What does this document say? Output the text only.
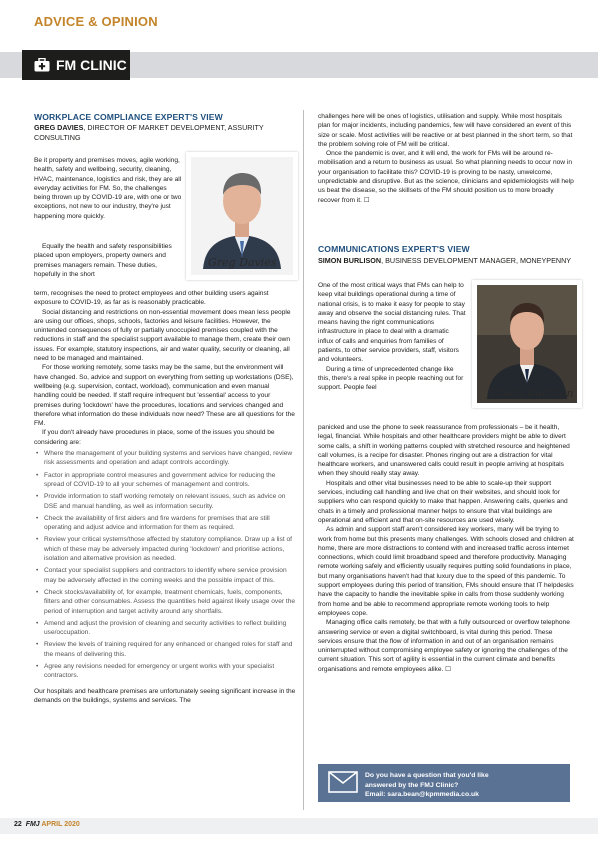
ADVICE & OPINION
FM CLINIC
WORKPLACE COMPLIANCE EXPERT'S VIEW
GREG DAVIES, DIRECTOR OF MARKET DEVELOPMENT, ASSURITY CONSULTING
Greg Davies

Be it property and premises moves, agile working, health, safety and wellbeing, security, cleaning, HVAC, maintenance, logistics and risk, they are all everyday activities for FM. So, the challenges being thrown up by COVID-19 are, with one or two exceptions, not new to our industry, they're just happening more quickly.

Equally the health and safety responsibilities placed upon employers, property owners and premises managers remain. These duties, hopefully in the short

term, recognises the need to protect employees and other building users against exposure to COVID-19, as far as is reasonably practicable.

Social distancing and restrictions on non-essential movement does mean less people are using our offices, shops, schools, factories and leisure facilities. However, the unintended consequences of fully or partially unoccupied premises coupled with the reductions in staff and the specialist support available to manage them, create their own issues. For example, statutory inspections, air and water quality, security or cleaning, all need to be managed and maintained.

For those working remotely, some tasks may be the same, but the environment will have changed. So, advice and support on everything from setting up workstations (DSE), wellbeing (e.g. supervision, contact, workload), communication and even manual handling could be needed. If staff require infrequent but 'essential' access to your premises during 'lockdown' have the procedures, locations and services changed and therefore what information do these individuals now need? These are all questions for the FM.

If you don't already have procedures in place, some of the issues you should be considering are:

• Where the management of your building systems and services have changed, review risk assessments and operation and adapt controls accordingly.
• Factor in appropriate control measures and government advice for reducing the spread of COVID-19 to all your schemes of management and controls.
• Provide information to staff working remotely on relevant issues, such as advice on DSE and manual handling, as well as information security.
• Check the availability of first aiders and fire wardens for premises that are still operating and adjust advice and information for them as required.
• Review your critical systems/those affected by statutory compliance. Draw up a list of which of these may be adversely impacted during 'lockdown' and prioritise actions, isolation and alternative provision as needed.
• Contact your specialist suppliers and contractors to identify where service provision may be adversely affected in the coming weeks and the possible impact of this.
• Check stocks/availability of, for example, treatment chemicals, fuels, components, filters and other consumables. Assess the quantities held against likely usage over the period of interruption and target activity around any shortfalls.
• Amend and adjust the provision of cleaning and security activities to reflect building use/occupation.
• Review the levels of training required for any enhanced or changed roles for staff and the means of delivering this.
• Agree any revisions needed for emergency or urgent works with your specialist contractors.

Our hospitals and healthcare premises are unfortunately seeing significant increase in the demands on the buildings, systems and services. The

challenges here will be ones of logistics, utilisation and supply. While most hospitals plan for major incidents, including pandemics, few will have considered an event of this size or scale. Most activities will be reactive or at best planned in the short term, so that the problem solving role of FM will be critical.

Once the pandemic is over, and it will end, the work for FMs will be around re-mobilisation and a return to business as usual. So what planning needs to occur now in your organisation to facilitate this? COVID-19 is proving to be nasty, unwelcome, unpredictable and disruptive. But as the science, clinicians and epidemiologists will help us beat the disease, so the skillsets of the FM should position us to more broadly recover from it. ☐

COMMUNICATIONS EXPERT'S VIEW
SIMON BURLISON, BUSINESS DEVELOPMENT MANAGER, MONEYPENNY
Simon Burlison

One of the most critical ways that FMs can help to keep vital buildings operational during a time of national crisis, is to make it easy for people to stay away and observe the social distancing rules. That means having the right communications infrastructure in place to deal with a dramatic influx of calls and enquiries from families of patients, to other service providers, staff, visitors and volunteers.

During a time of unprecedented change like this, there's a real spike in people reaching out for support. People feel

panicked and use the phone to seek reassurance from professionals – be it health, legal, financial. While hospitals and other healthcare providers might be able to divert some calls, a shift in working patterns coupled with stretched resource and heightened call volumes, is a recipe for disaster. Phones ringing out are a distraction for vital healthcare workers, and unanswered calls could result in people arriving at hospitals when they should really stay away.

Hospitals and other vital businesses need to be able to scale-up their support services, including call handling and live chat on their websites, and should look for suppliers who can respond quickly to make that happen. Answering calls, queries and chats in a timely and professional manner helps to ensure that vital buildings are operational and efficient and that on-site resources are used wisely.

As admin and support staff aren't considered key workers, many will be trying to work from home but this presents many challenges. With schools closed and children at home, there are more distractions to contend with and increased traffic across internet connections, which could limit broadband speed and therefore productivity. Managing remote working safely and efficiently usually requires putting solid foundations in place, but many organisations haven't had that luxury due to the speed of this pandemic. To support employees during this period of transition, FMs should ensure that IT helpdesks have the capacity to handle the inevitable spike in calls from those suddenly working from home and be able to recommend appropriate remote working tools to help employees cope.

Managing office calls remotely, be that with a fully outsourced or overflow telephone answering service or even a digital switchboard, is vital during this period. These services ensure that the flow of information in and out of an organisation remains uninterrupted without compromising employee safety or ignoring the challenges of the current situation. This sort of agility is essential in the current climate and benefits organisations and remote employees alike. ☐

Do you have a question that you'd like
answered by the FMJ Clinic?
Email: sara.bean@kpmmedia.co.uk
22 FMJ APRIL 2020
